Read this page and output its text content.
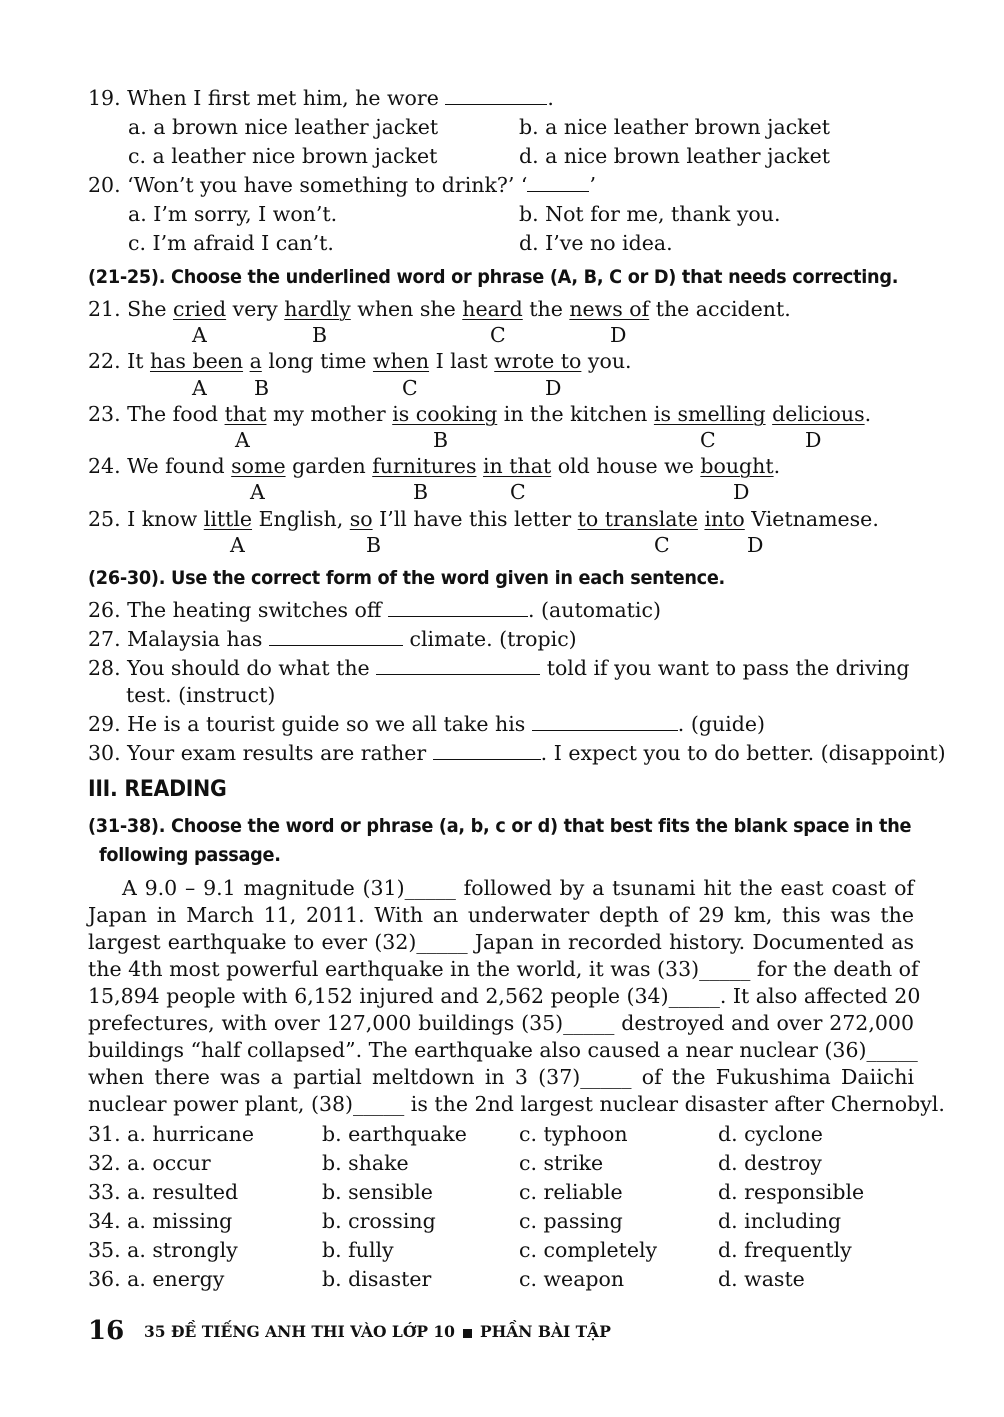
19. When I first met him, he wore	.
a. a brown nice leather jacket	b. a nice leather brown jacket
c. a leather nice brown jacket	d. a nice brown leather jacket
20. ‘Won’t you have something to drink?’ ‘	’
a. I’m sorry, I won’t.	b. Not for me, thank you.
c. I’m afraid I can’t.	d. I’ve no idea.
(21-25). Choose the underlined word or phrase (A, B, C or D) that needs correcting.
21. She cried very hardly when she heard the news of the accident.
A	B	C	D
22. It has been a long time when I last wrote to you.
A B	C	D
23. The food that my mother is cooking in the kitchen is smelling delicious.
A	B	C	D
24. We found some garden furnitures in that old house we bought.
A	B	C	D
25. I know little English, so I’ll have this letter to translate into Vietnamese.
A	B	C	D
(26-30). Use the correct form of the word given in each sentence.
26. The heating switches off	. (automatic)
27. Malaysia has	climate. (tropic)
28. You should do what the	told if you want to pass the driving
test. (instruct)
29. He is a tourist guide so we all take his	. (guide)
30. Your exam results are rather	. I expect you to do better. (disappoint)
III. READING
(31-38). Choose the word or phrase (a, b, c or d) that best fits the blank space in the
following passage.
A 9.0 – 9.1 magnitude (31)_____ followed by a tsunami hit the east coast of
Japan in March 11, 2011. With an underwater depth of 29 km, this was the
largest earthquake to ever (32)_____ Japan in recorded history. Documented as
the 4th most powerful earthquake in the world, it was (33)_____ for the death of
15,894 people with 6,152 injured and 2,562 people (34)_____. It also affected 20
prefectures, with over 127,000 buildings (35)_____ destroyed and over 272,000
buildings “half collapsed”. The earthquake also caused a near nuclear (36)_____
when there was a partial meltdown in 3 (37)_____ of the Fukushima Daiichi
nuclear power plant, (38)_____ is the 2nd largest nuclear disaster after Chernobyl.
31. a. hurricane	b. earthquake	c. typhoon	d. cyclone
32. a. occur	b. shake	c. strike	d. destroy
33. a. resulted	b. sensible	c. reliable	d. responsible
34. a. missing	b. crossing	c. passing	d. including
35. a. strongly	b. fully	c. completely	d. frequently
36. a. energy	b. disaster	c. weapon	d. waste
16 35 ĐỀ TIẾNG ANH THI VÀO LỚP 10 PHẦN BÀI TẬP
